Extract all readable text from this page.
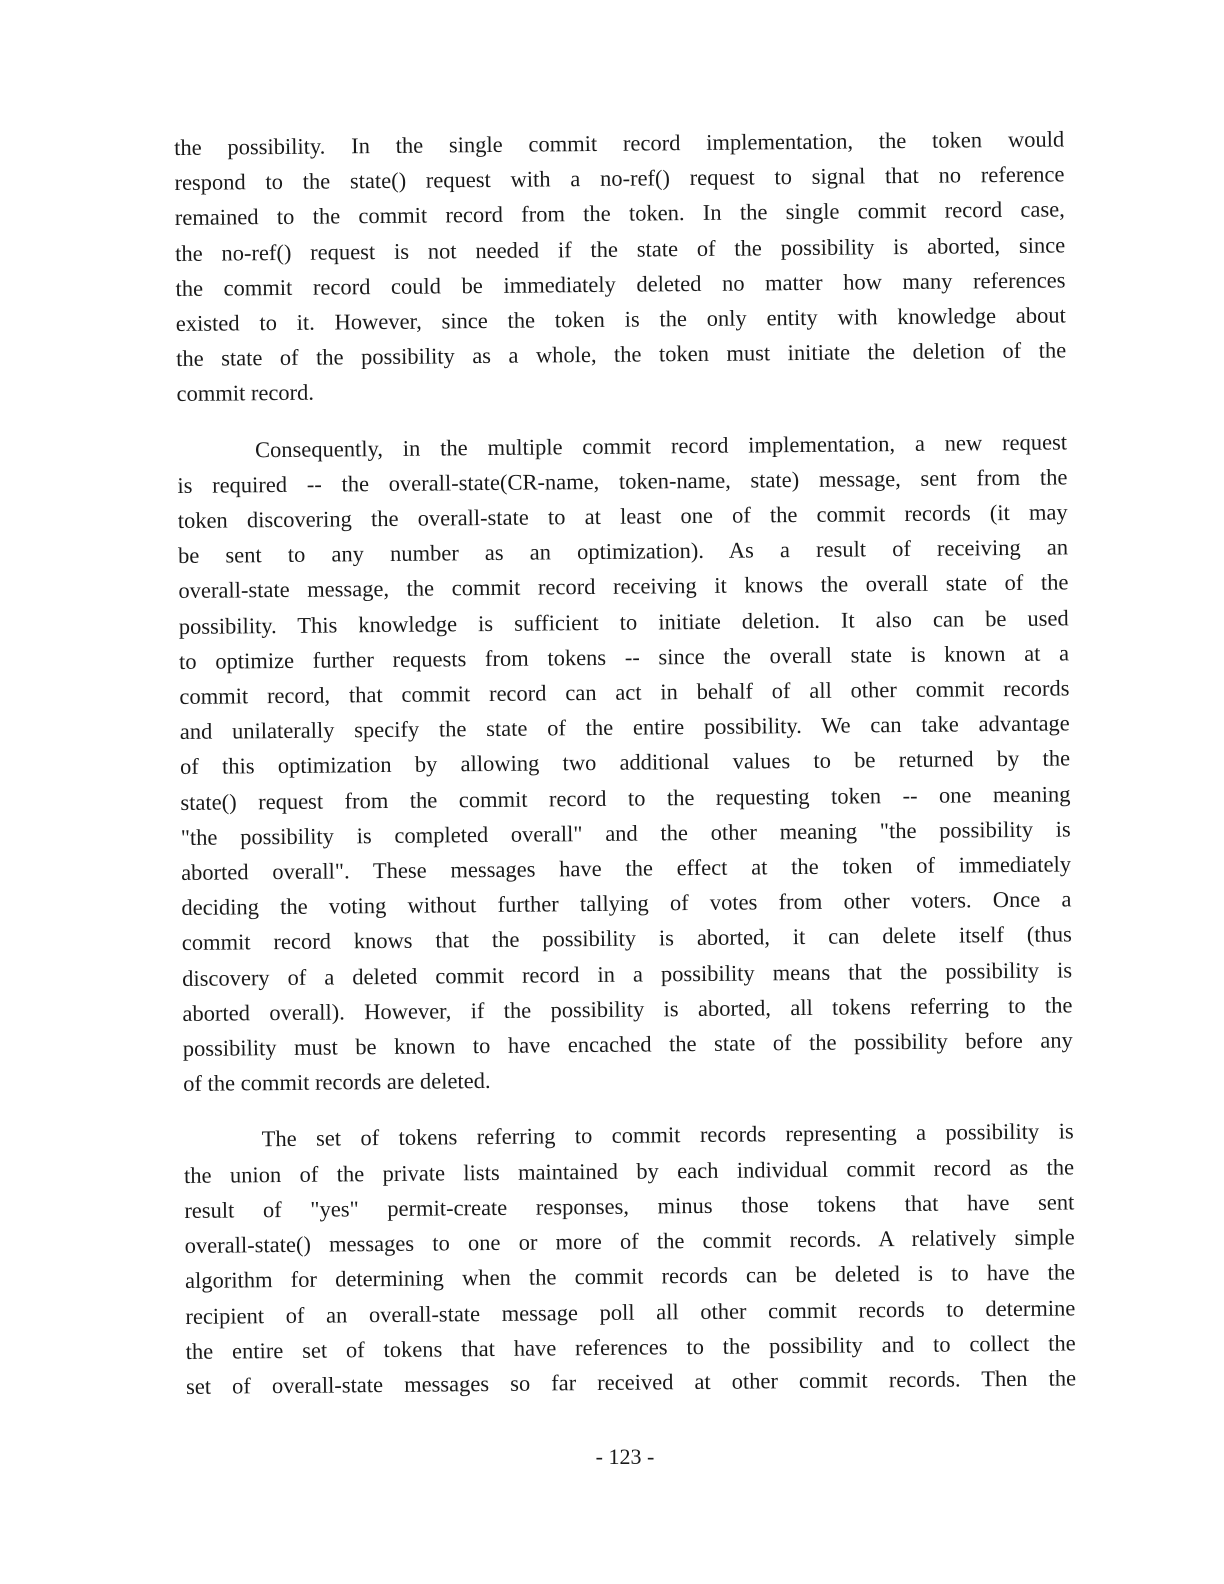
the possibility. In the single commit record implementation, the token would
respond to the state() request with a no-ref() request to signal that no reference
remained to the commit record from the token. In the single commit record case,
the no-ref() request is not needed if the state of the possibility is aborted, since
the commit record could be immediately deleted no matter how many references
existed to it. However, since the token is the only entity with knowledge about
the state of the possibility as a whole, the token must initiate the deletion of the
commit record.
Consequently, in the multiple commit record implementation, a new request
is required -- the overall-state(CR-name, token-name, state) message, sent from the
token discovering the overall-state to at least one of the commit records (it may
be sent to any number as an optimization). As a result of receiving an
overall-state message, the commit record receiving it knows the overall state of the
possibility. This knowledge is sufficient to initiate deletion. It also can be used
to optimize further requests from tokens -- since the overall state is known at a
commit record, that commit record can act in behalf of all other commit records
and unilaterally specify the state of the entire possibility. We can take advantage
of this optimization by allowing two additional values to be returned by the
state() request from the commit record to the requesting token -- one meaning
"the possibility is completed overall" and the other meaning "the possibility is
aborted overall". These messages have the effect at the token of immediately
deciding the voting without further tallying of votes from other voters. Once a
commit record knows that the possibility is aborted, it can delete itself (thus
discovery of a deleted commit record in a possibility means that the possibility is
aborted overall). However, if the possibility is aborted, all tokens referring to the
possibility must be known to have encached the state of the possibility before any
of the commit records are deleted.
The set of tokens referring to commit records representing a possibility is
the union of the private lists maintained by each individual commit record as the
result of "yes" permit-create responses, minus those tokens that have sent
overall-state() messages to one or more of the commit records. A relatively simple
algorithm for determining when the commit records can be deleted is to have the
recipient of an overall-state message poll all other commit records to determine
the entire set of tokens that have references to the possibility and to collect the
set of overall-state messages so far received at other commit records. Then the
- 123 -
